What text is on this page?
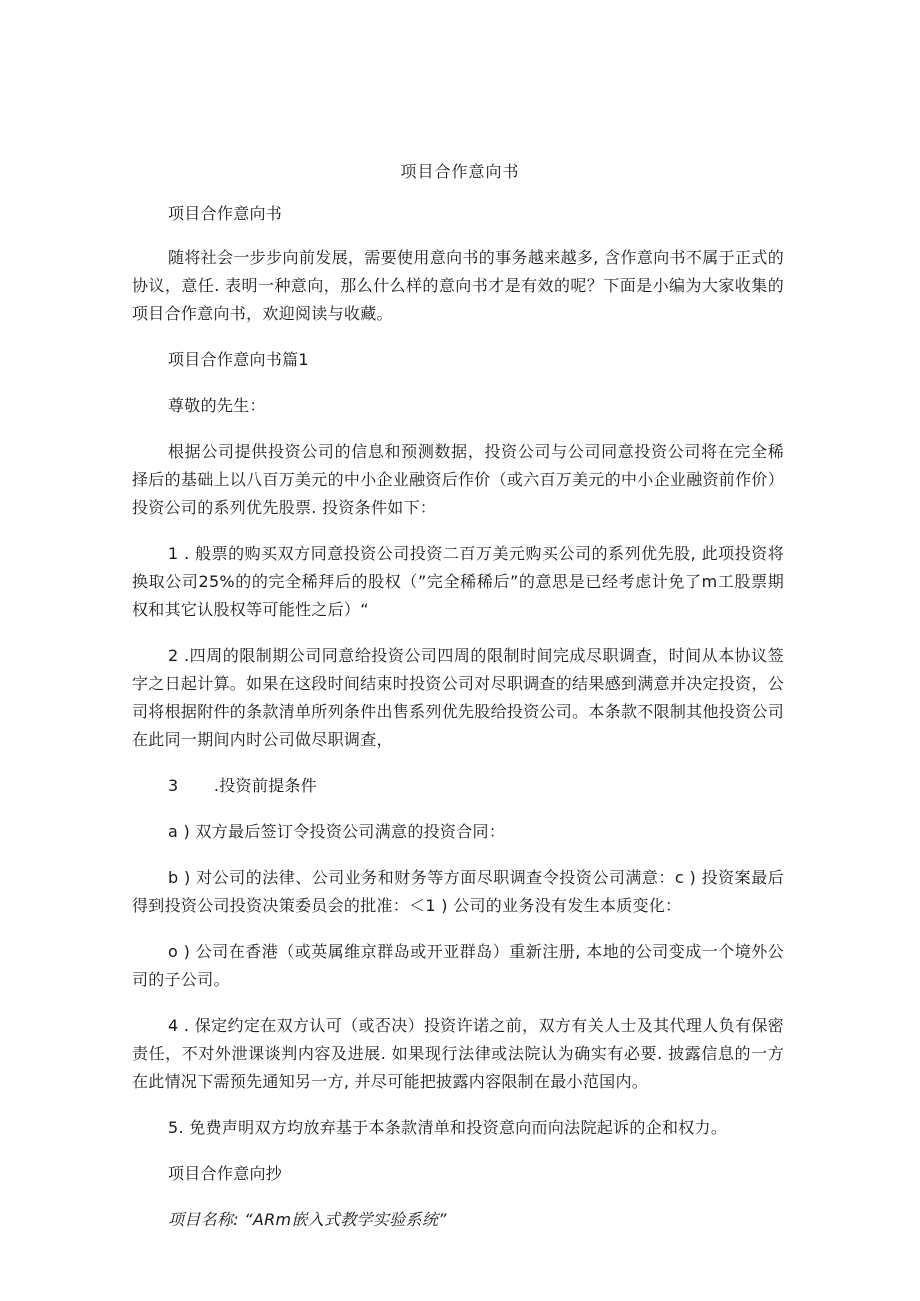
项目合作意向书

项目合作意向书

随将社会一步步向前发展，需要使用意向书的事务越来越多, 含作意向书不属于正式的协议，意任. 表明一种意向，那么什么样的意向书才是有效的呢？下面是小编为大家收集的项目合作意向书，欢迎阅读与收藏。

项目合作意向书篇1

尊敬的先生：

根据公司提供投资公司的信息和预测数据，投资公司与公司同意投资公司将在完全稀择后的基础上以八百万美元的中小企业融资后作价（或六百万美元的中小企业融资前作价）投资公司的系列优先股票. 投资条件如下：

1 . 般票的购买双方同意投资公司投资二百万美元购买公司的系列优先股, 此项投资将换取公司25%的的完全稀拜后的股权（”完全稀稀后”的意思是已经考虑计免了m工股票期权和其它认股权等可能性之后）“

2 .四周的限制期公司同意给投资公司四周的限制时间完成尽职调查，时间从本协议签字之日起计算。如果在这段时间结束时投资公司对尽职调查的结果感到满意并决定投资，公司将根据附件的条款清单所列条件出售系列优先股给投资公司。本条款不限制其他投资公司在此同一期间内时公司做尽职调查，

3 .投资前提条件

a ) 双方最后签订令投资公司满意的投资合同：

b ) 对公司的法律、公司业务和财务等方面尽职调查令投资公司满意：c ) 投资案最后得到投资公司投资决策委员会的批准：＜1 ) 公司的业务没有发生本质变化：

o ) 公司在香港（或英属维京群岛或开亚群岛）重新注册, 本地的公司变成一个境外公司的子公司。

4 . 保定约定在双方认可（或否决）投资许诺之前，双方有关人士及其代理人负有保密责任，不对外泄课谈判内容及进展. 如果现行法律或法院认为确实有必要. 披露信息的一方在此情况下需预先通知另一方, 并尽可能把披露内容限制在最小范国内。

5. 免费声明双方均放弃基于本条款清单和投资意向而向法院起诉的企和权力。

项目合作意向抄

项目名称: “ARm嵌入式教学实验系统”
